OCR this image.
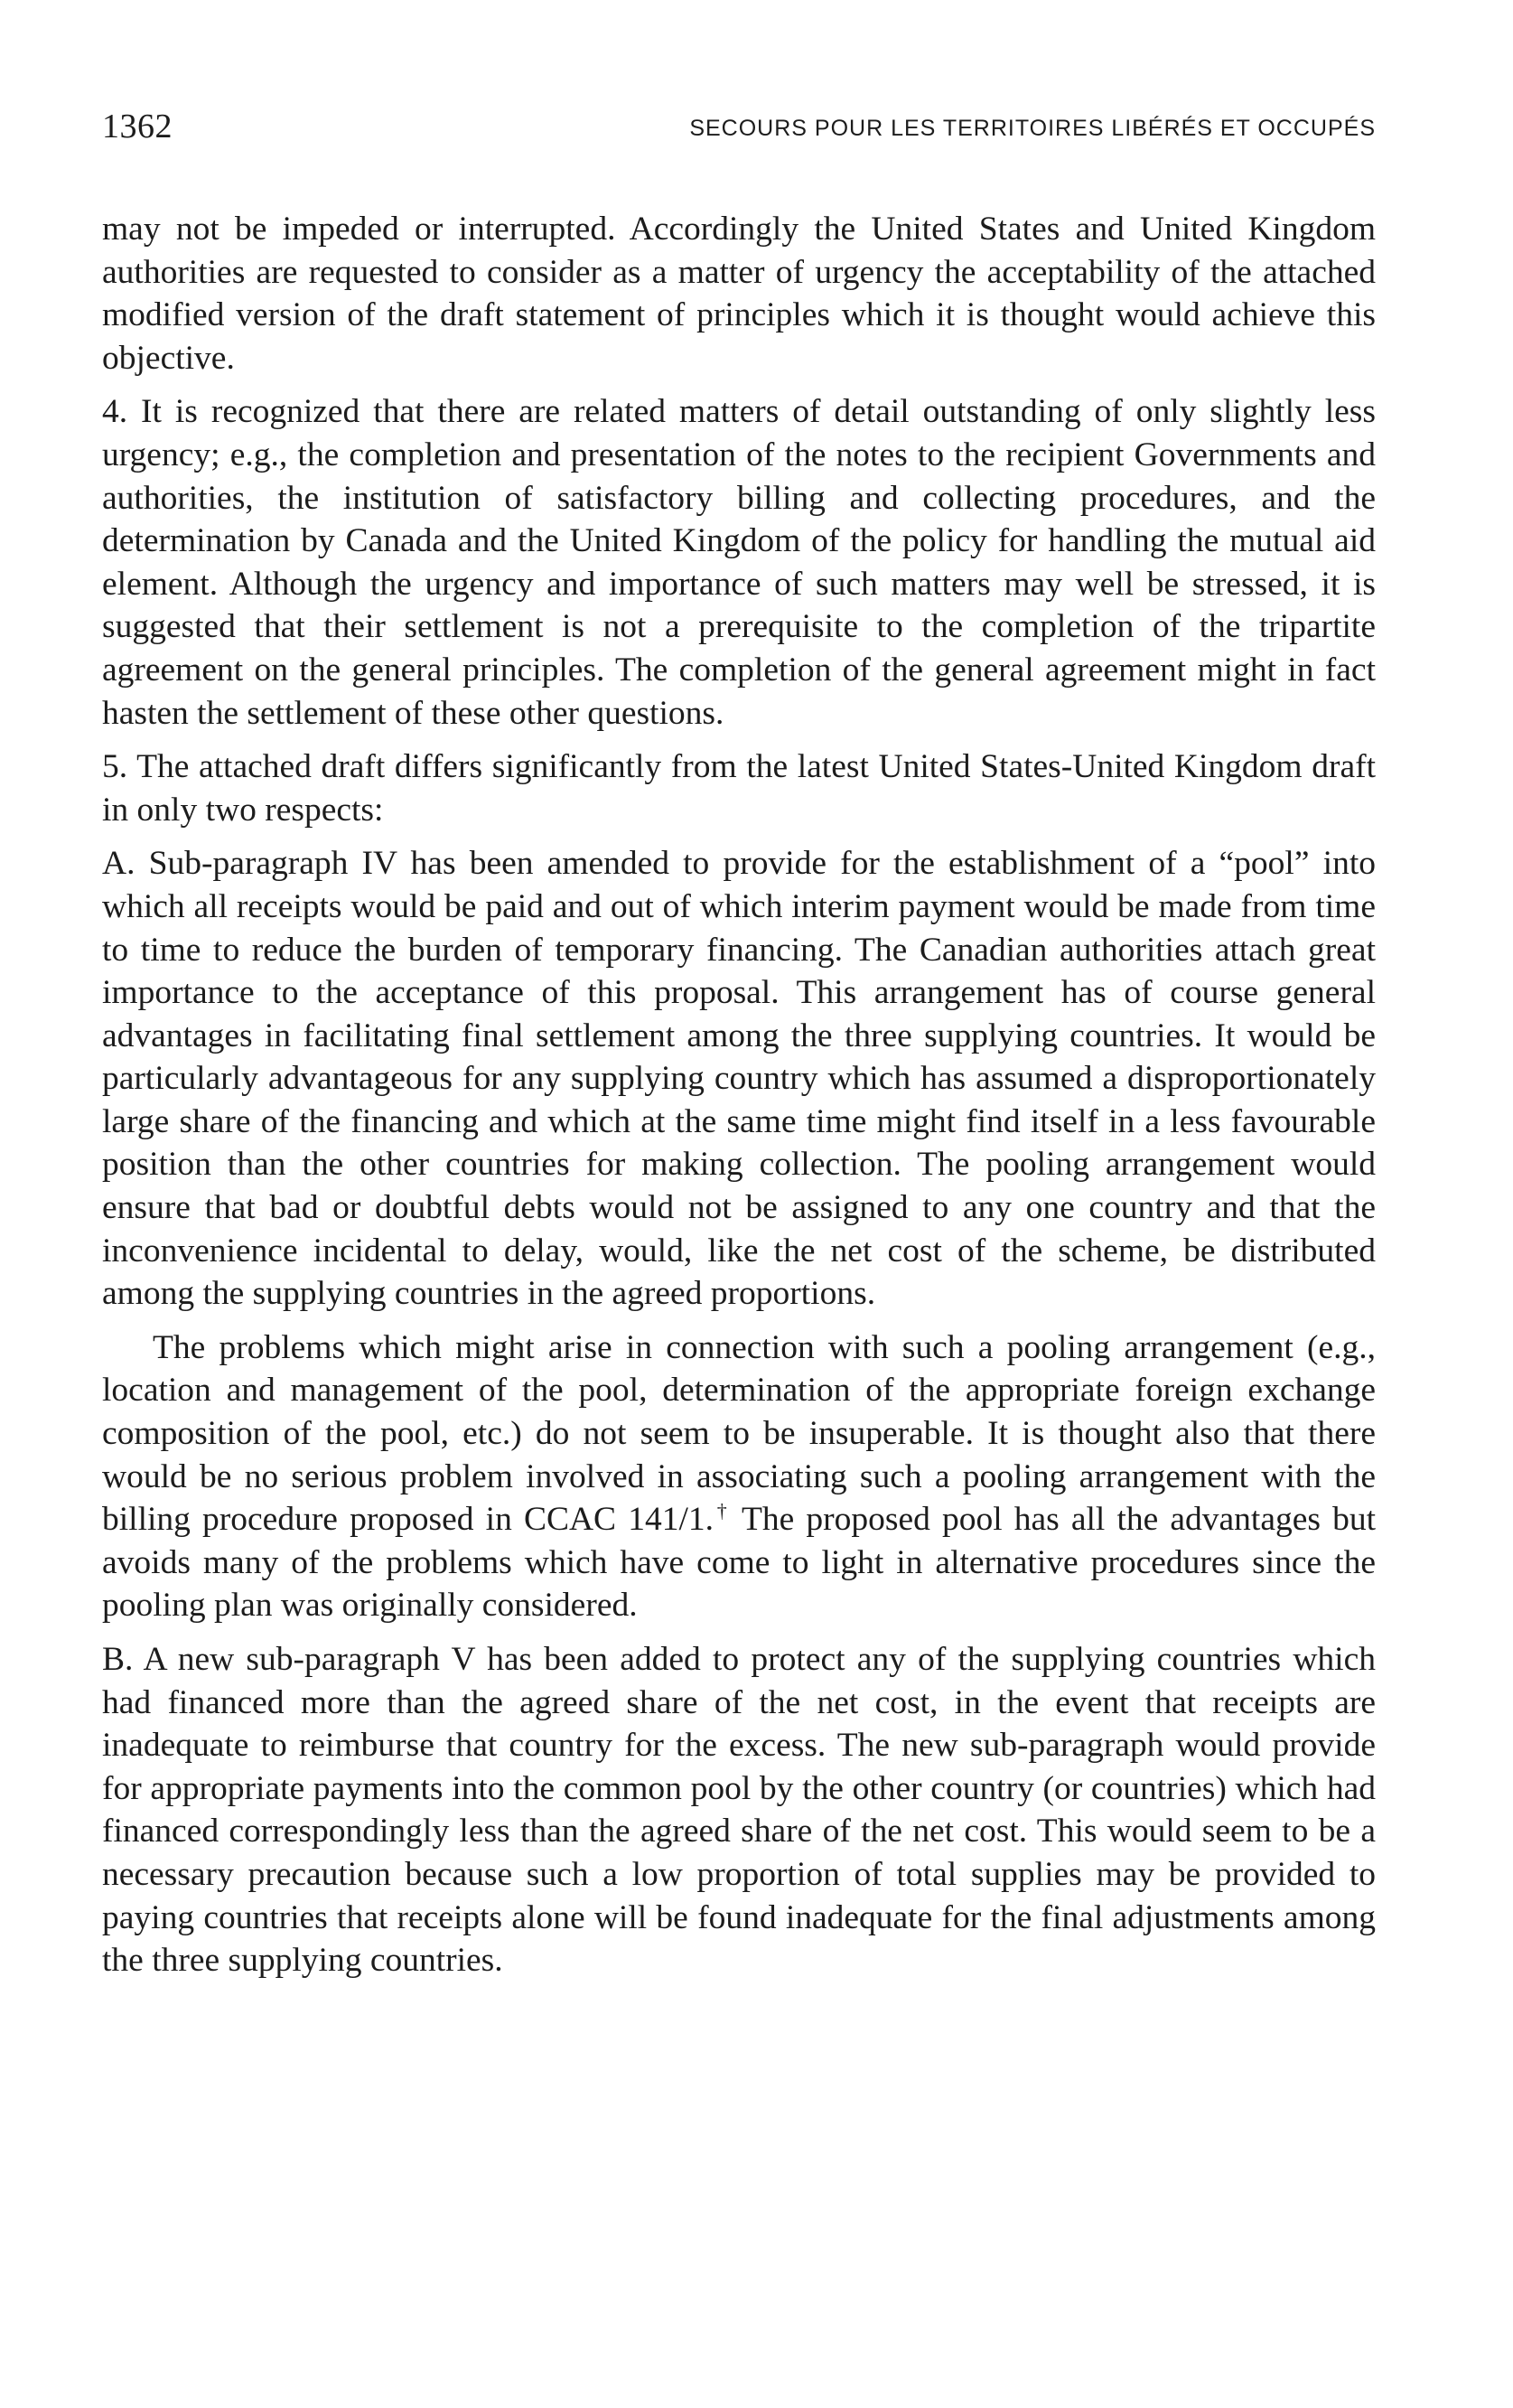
1362	SECOURS POUR LES TERRITOIRES LIBÉRÉS ET OCCUPÉS

may not be impeded or interrupted. Accordingly the United States and United Kingdom authorities are requested to consider as a matter of urgency the acceptability of the attached modified version of the draft statement of principles which it is thought would achieve this objective.

4. It is recognized that there are related matters of detail outstanding of only slightly less urgency; e.g., the completion and presentation of the notes to the recipient Governments and authorities, the institution of satisfactory billing and collecting procedures, and the determination by Canada and the United Kingdom of the policy for handling the mutual aid element. Although the urgency and importance of such matters may well be stressed, it is suggested that their settlement is not a prerequisite to the completion of the tripartite agreement on the general principles. The completion of the general agreement might in fact hasten the settlement of these other questions.

5. The attached draft differs significantly from the latest United States-United Kingdom draft in only two respects:

A. Sub-paragraph IV has been amended to provide for the establishment of a “pool” into which all receipts would be paid and out of which interim payment would be made from time to time to reduce the burden of temporary financing. The Canadian authorities attach great importance to the acceptance of this proposal. This arrangement has of course general advantages in facilitating final settlement among the three supplying countries. It would be particularly advantageous for any supplying country which has assumed a disproportionately large share of the financing and which at the same time might find itself in a less favourable position than the other countries for making collection. The pooling arrangement would ensure that bad or doubtful debts would not be assigned to any one country and that the inconvenience incidental to delay, would, like the net cost of the scheme, be distributed among the supplying countries in the agreed proportions.

The problems which might arise in connection with such a pooling arrangement (e.g., location and management of the pool, determination of the appropriate foreign exchange composition of the pool, etc.) do not seem to be insuperable. It is thought also that there would be no serious problem involved in associating such a pooling arrangement with the billing procedure proposed in CCAC 141/1.† The proposed pool has all the advantages but avoids many of the problems which have come to light in alternative procedures since the pooling plan was originally considered.

B. A new sub-paragraph V has been added to protect any of the supplying countries which had financed more than the agreed share of the net cost, in the event that receipts are inadequate to reimburse that country for the excess. The new sub-paragraph would provide for appropriate payments into the common pool by the other country (or countries) which had financed correspondingly less than the agreed share of the net cost. This would seem to be a necessary precaution because such a low proportion of total supplies may be provided to paying countries that receipts alone will be found inadequate for the final adjustments among the three supplying countries.
